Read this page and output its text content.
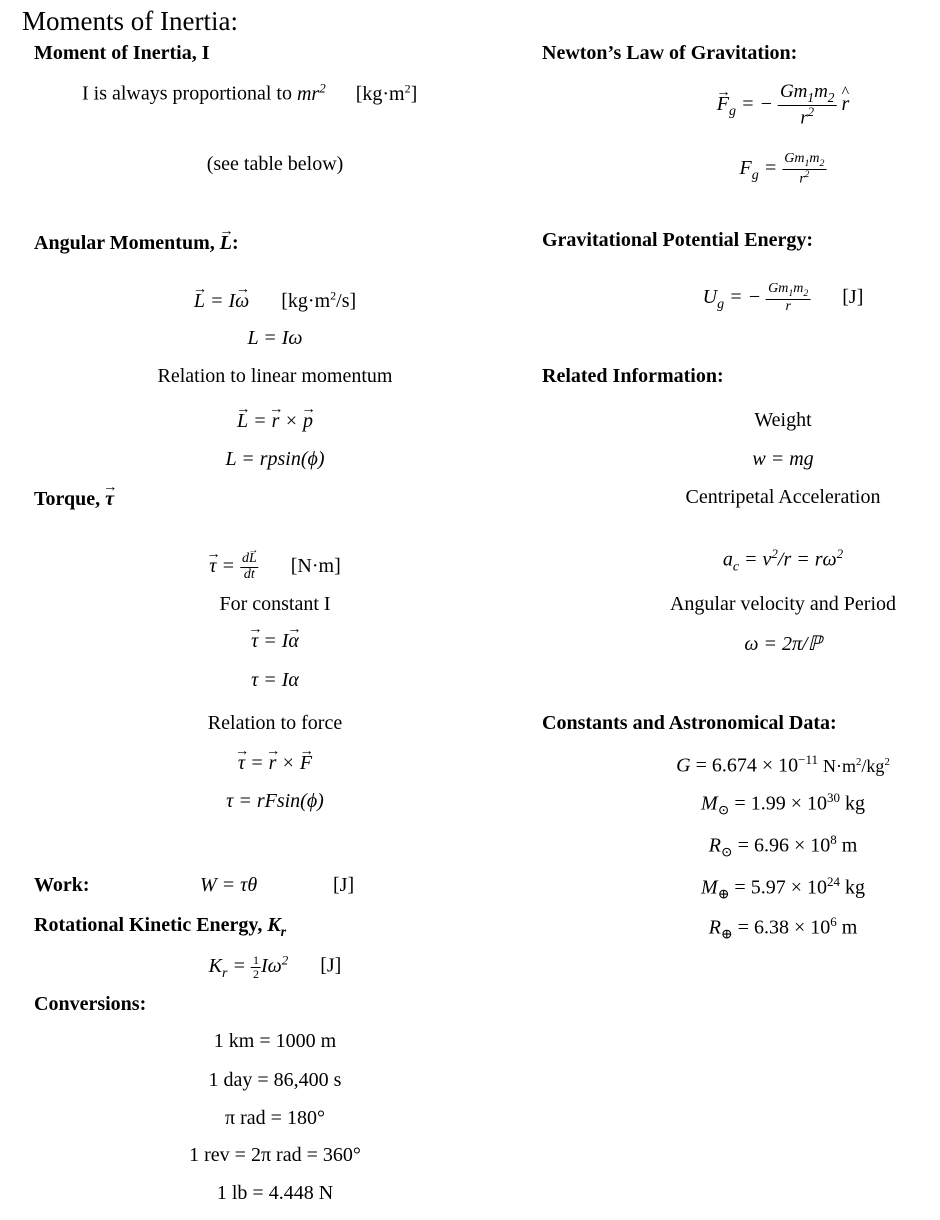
Moments of Inertia:
Moment of Inertia, I
I is always proportional to $mr^2$ $[kg\cdot m^2]$
(see table below)
Angular Momentum, → L:
→ L = I→ ω $[kg\cdot m^2/s]$
L = Iω
Relation to linear momentum
→ L = → r × → p
L = rpsin(ϕ)
Torque, → τ
→ $\tau = \frac{d\to L}{dt} [N\cdot m]$
For constant I
→ τ = I→ α
τ = Iα
Relation to force
→ τ = → r × → F
τ = rFsin(ϕ)
Work:	W = τθ	[J]
Rotational Kinetic Energy, $K_r$
$K_r = \frac{1}{2} I\omega^2$ [J]
Conversions:
1 km = 1000 m
1 day = 86,400 s
π rad = 180°
1 rev = 2π rad = 360°
1 lb = 4.448 N
Newton’s Law of Gravitation:
→ $F_g$ = − $\frac{Gm_1m_2}{r^2}$ ^ r
$F_g = \frac{Gm_1m_2}{r^2}$
Gravitational Potential Energy:
$U_g$ = − $\frac{Gm_1m_2}{r} [J]$
Related Information:
Weight
w = mg
Centripetal Acceleration
$a_c = v^2/r = r\omega^2$
Angular velocity and Period
ω = 2π/ℙ
Constants and Astronomical Data:
$G = 6.674 \times 10^{-11}$ $N\cdot m^2/kg^2$
$M_⊙ = 1.99 \times 10^{30}$ kg
$R_⊙ = 6.96 \times 10^8$ m
$M_\oplus = 5.97 \times 10^{24}$ kg
$R_\oplus = 6.38 \times 10^6$ m
